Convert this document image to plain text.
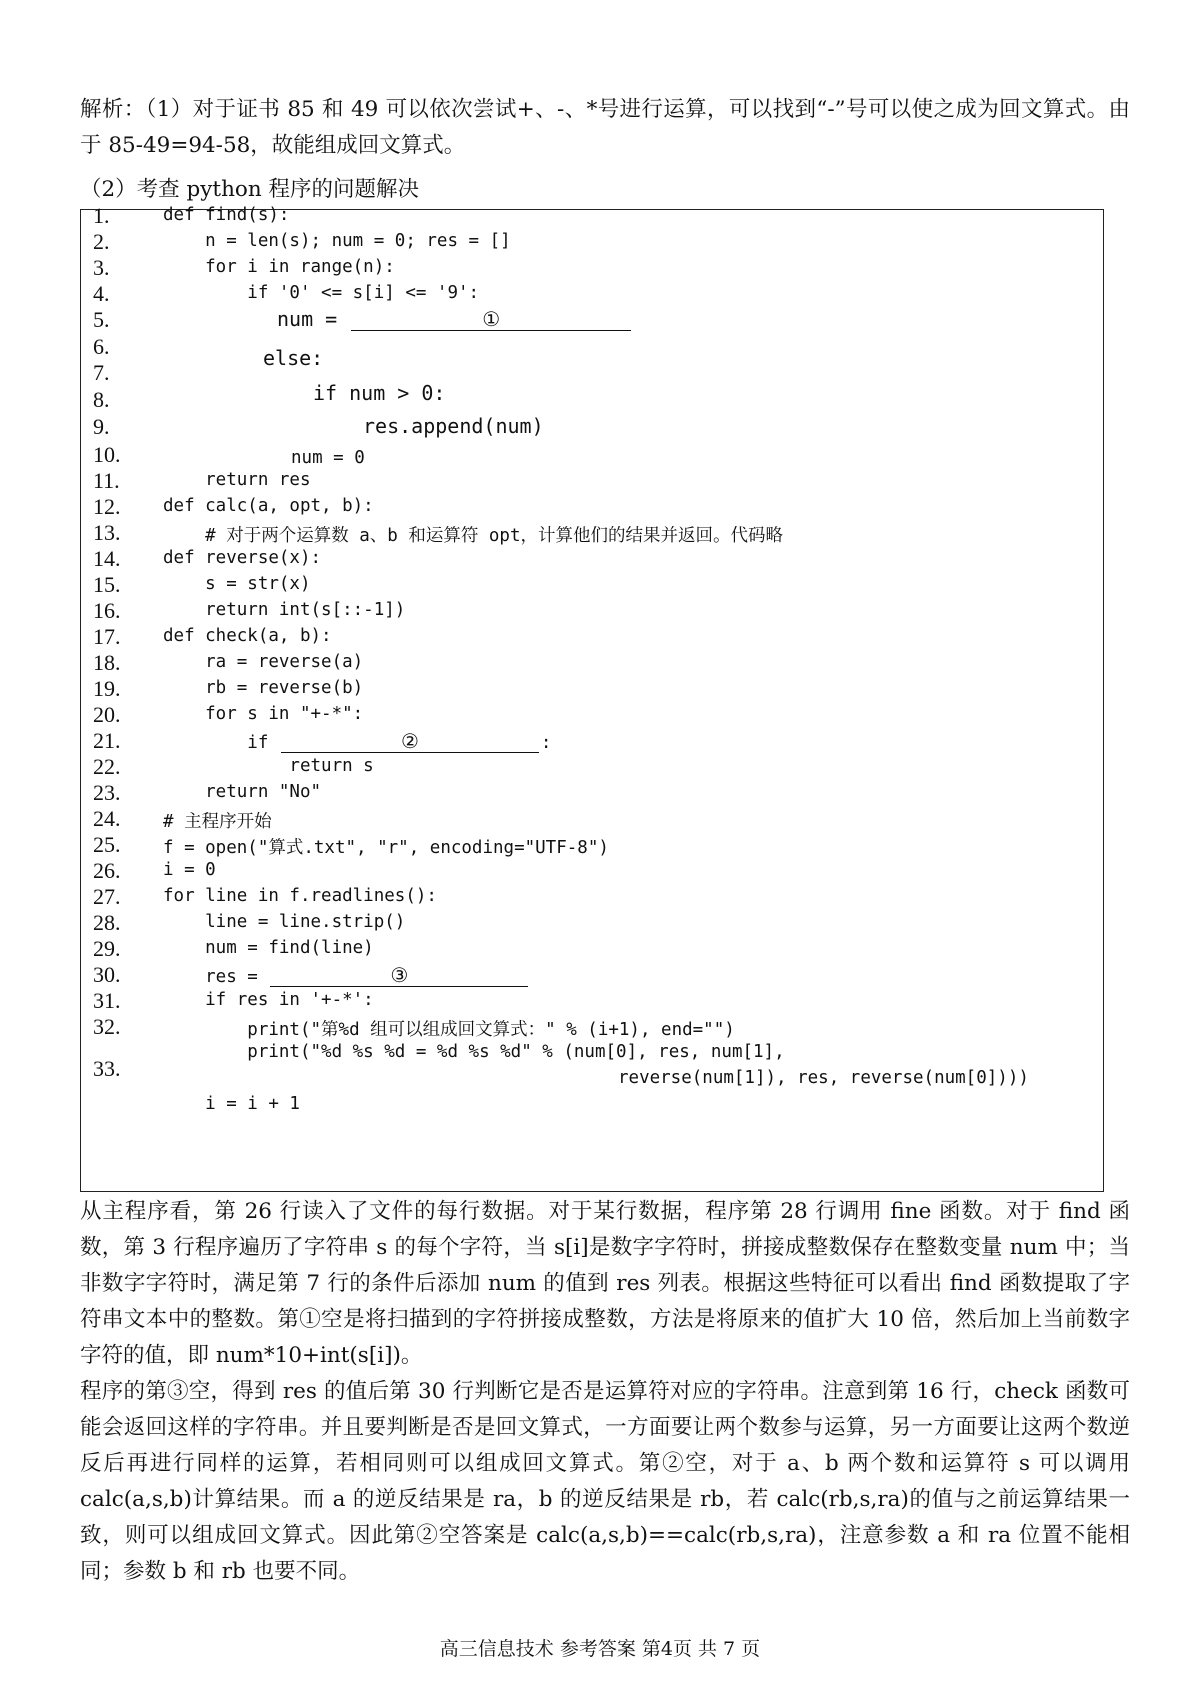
解析：（1）对于证书 85 和 49 可以依次尝试+、-、*号进行运算，可以找到“-”号可以使之成为回文算式。由于 85-49=94-58，故能组成回文算式。
（2）考查 python 程序的问题解决
1.	def find(s):
2.	n = len(s); num = 0; res = []
3.	for i in range(n):
4.	if '0' <= s[i] <= '9':
5.	num =	①
6.
7.
else:
8.	if num > 0:
9.	res.append(num)
10.	num = 0
11. return res
12. def calc(a, opt, b):
13. # 对于两个运算数 a、b 和运算符 opt，计算他们的结果并返回。代码略
14. def reverse(x):
15. s = str(x)
16. return int(s[::-1])
17. def check(a, b):
18. ra = reverse(a)
19. rb = reverse(b)
20. for s in "+-*":
21. if	②	:
22. return s
23. return "No"
24. # 主程序开始
25. f = open("算式.txt", "r", encoding="UTF-8")
26. i = 0
27. for line in f.readlines():
28. line = line.strip()
29. num = find(line)
30. res =	③
31. if res in '+-*':
32. print("第%d 组可以组成回文算式：" % (i+1), end="")
print("%d %s %d = %d %s %d" % (num[0], res, num[1],
33.	reverse(num[1]), res, reverse(num[0])))
i = i + 1
从主程序看，第 26 行读入了文件的每行数据。对于某行数据，程序第 28 行调用 fine 函数。对于 find 函数，第 3 行程序遍历了字符串 s 的每个字符，当 s[i]是数字字符时，拼接成整数保存在整数变量 num 中；当非数字字符时，满足第 7 行的条件后添加 num 的值到 res 列表。根据这些特征可以看出 find 函数提取了字符串文本中的整数。第①空是将扫描到的字符拼接成整数，方法是将原来的值扩大 10 倍，然后加上当前数字字符的值，即 num*10+int(s[i])。
程序的第③空，得到 res 的值后第 30 行判断它是否是运算符对应的字符串。注意到第 16 行，check 函数可能会返回这样的字符串。并且要判断是否是回文算式，一方面要让两个数参与运算，另一方面要让这两个数逆反后再进行同样的运算，若相同则可以组成回文算式。第②空，对于 a、b 两个数和运算符 s 可以调用 calc(a,s,b)计算结果。而 a 的逆反结果是 ra，b 的逆反结果是 rb，若 calc(rb,s,ra)的值与之前运算结果一致，则可以组成回文算式。因此第②空答案是 calc(a,s,b)==calc(rb,s,ra)，注意参数 a 和 ra 位置不能相同；参数 b 和 rb 也要不同。
高三信息技术 参考答案 第4页 共 7 页
